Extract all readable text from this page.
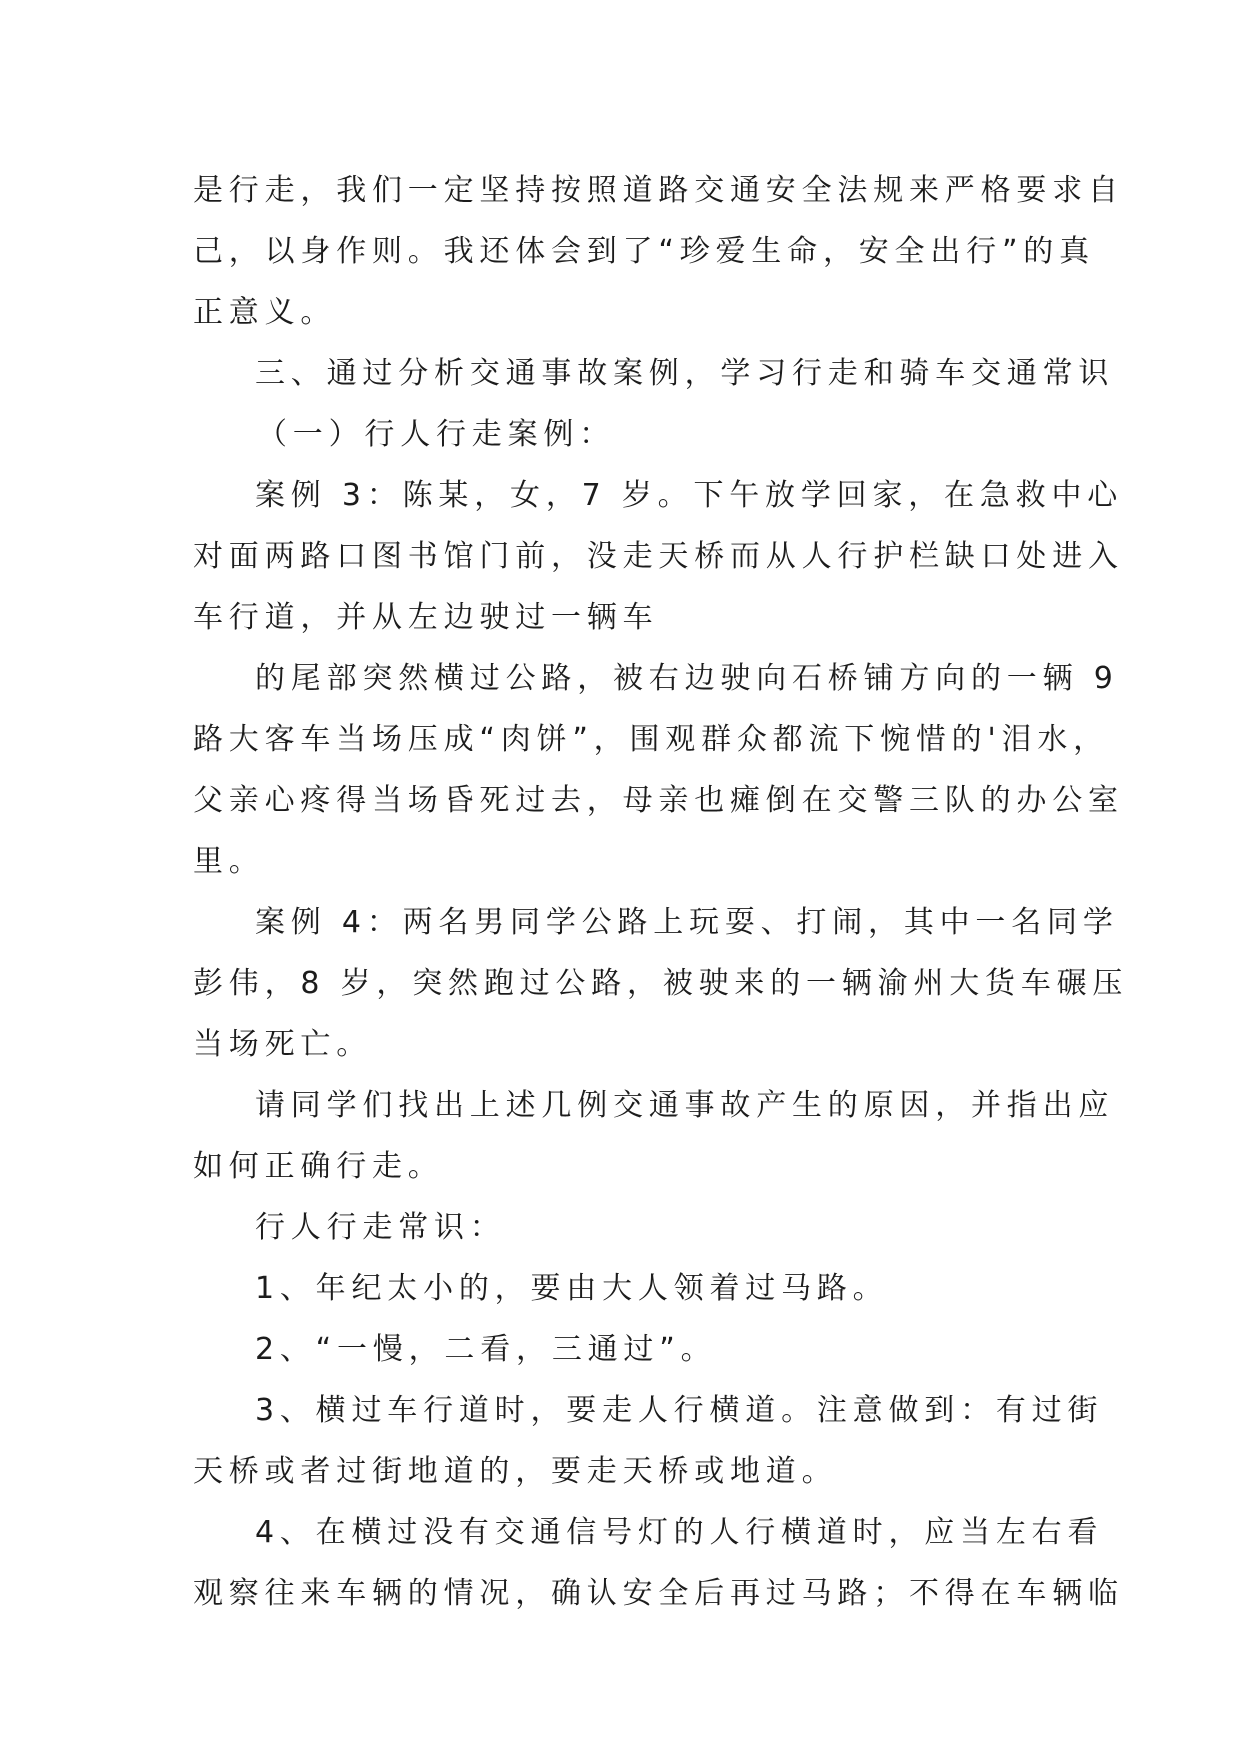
是行走，我们一定坚持按照道路交通安全法规来严格要求自

己，以身作则。我还体会到了“珍爱生命，安全出行”的真

正意义。

三、通过分析交通事故案例，学习行走和骑车交通常识

（一）行人行走案例：

案例 3：陈某，女，7 岁。下午放学回家，在急救中心

对面两路口图书馆门前，没走天桥而从人行护栏缺口处进入

车行道，并从左边驶过一辆车

的尾部突然横过公路，被右边驶向石桥铺方向的一辆 9

路大客车当场压成“肉饼”，围观群众都流下惋惜的'泪水，

父亲心疼得当场昏死过去，母亲也瘫倒在交警三队的办公室

里。

案例 4：两名男同学公路上玩耍、打闹，其中一名同学

彭伟，8 岁，突然跑过公路，被驶来的一辆渝州大货车碾压

当场死亡。

请同学们找出上述几例交通事故产生的原因，并指出应

如何正确行走。

行人行走常识：

1、年纪太小的，要由大人领着过马路。

2、“一慢，二看，三通过”。

3、横过车行道时，要走人行横道。注意做到：有过街

天桥或者过街地道的，要走天桥或地道。

4、在横过没有交通信号灯的人行横道时，应当左右看

观察往来车辆的情况，确认安全后再过马路；不得在车辆临
